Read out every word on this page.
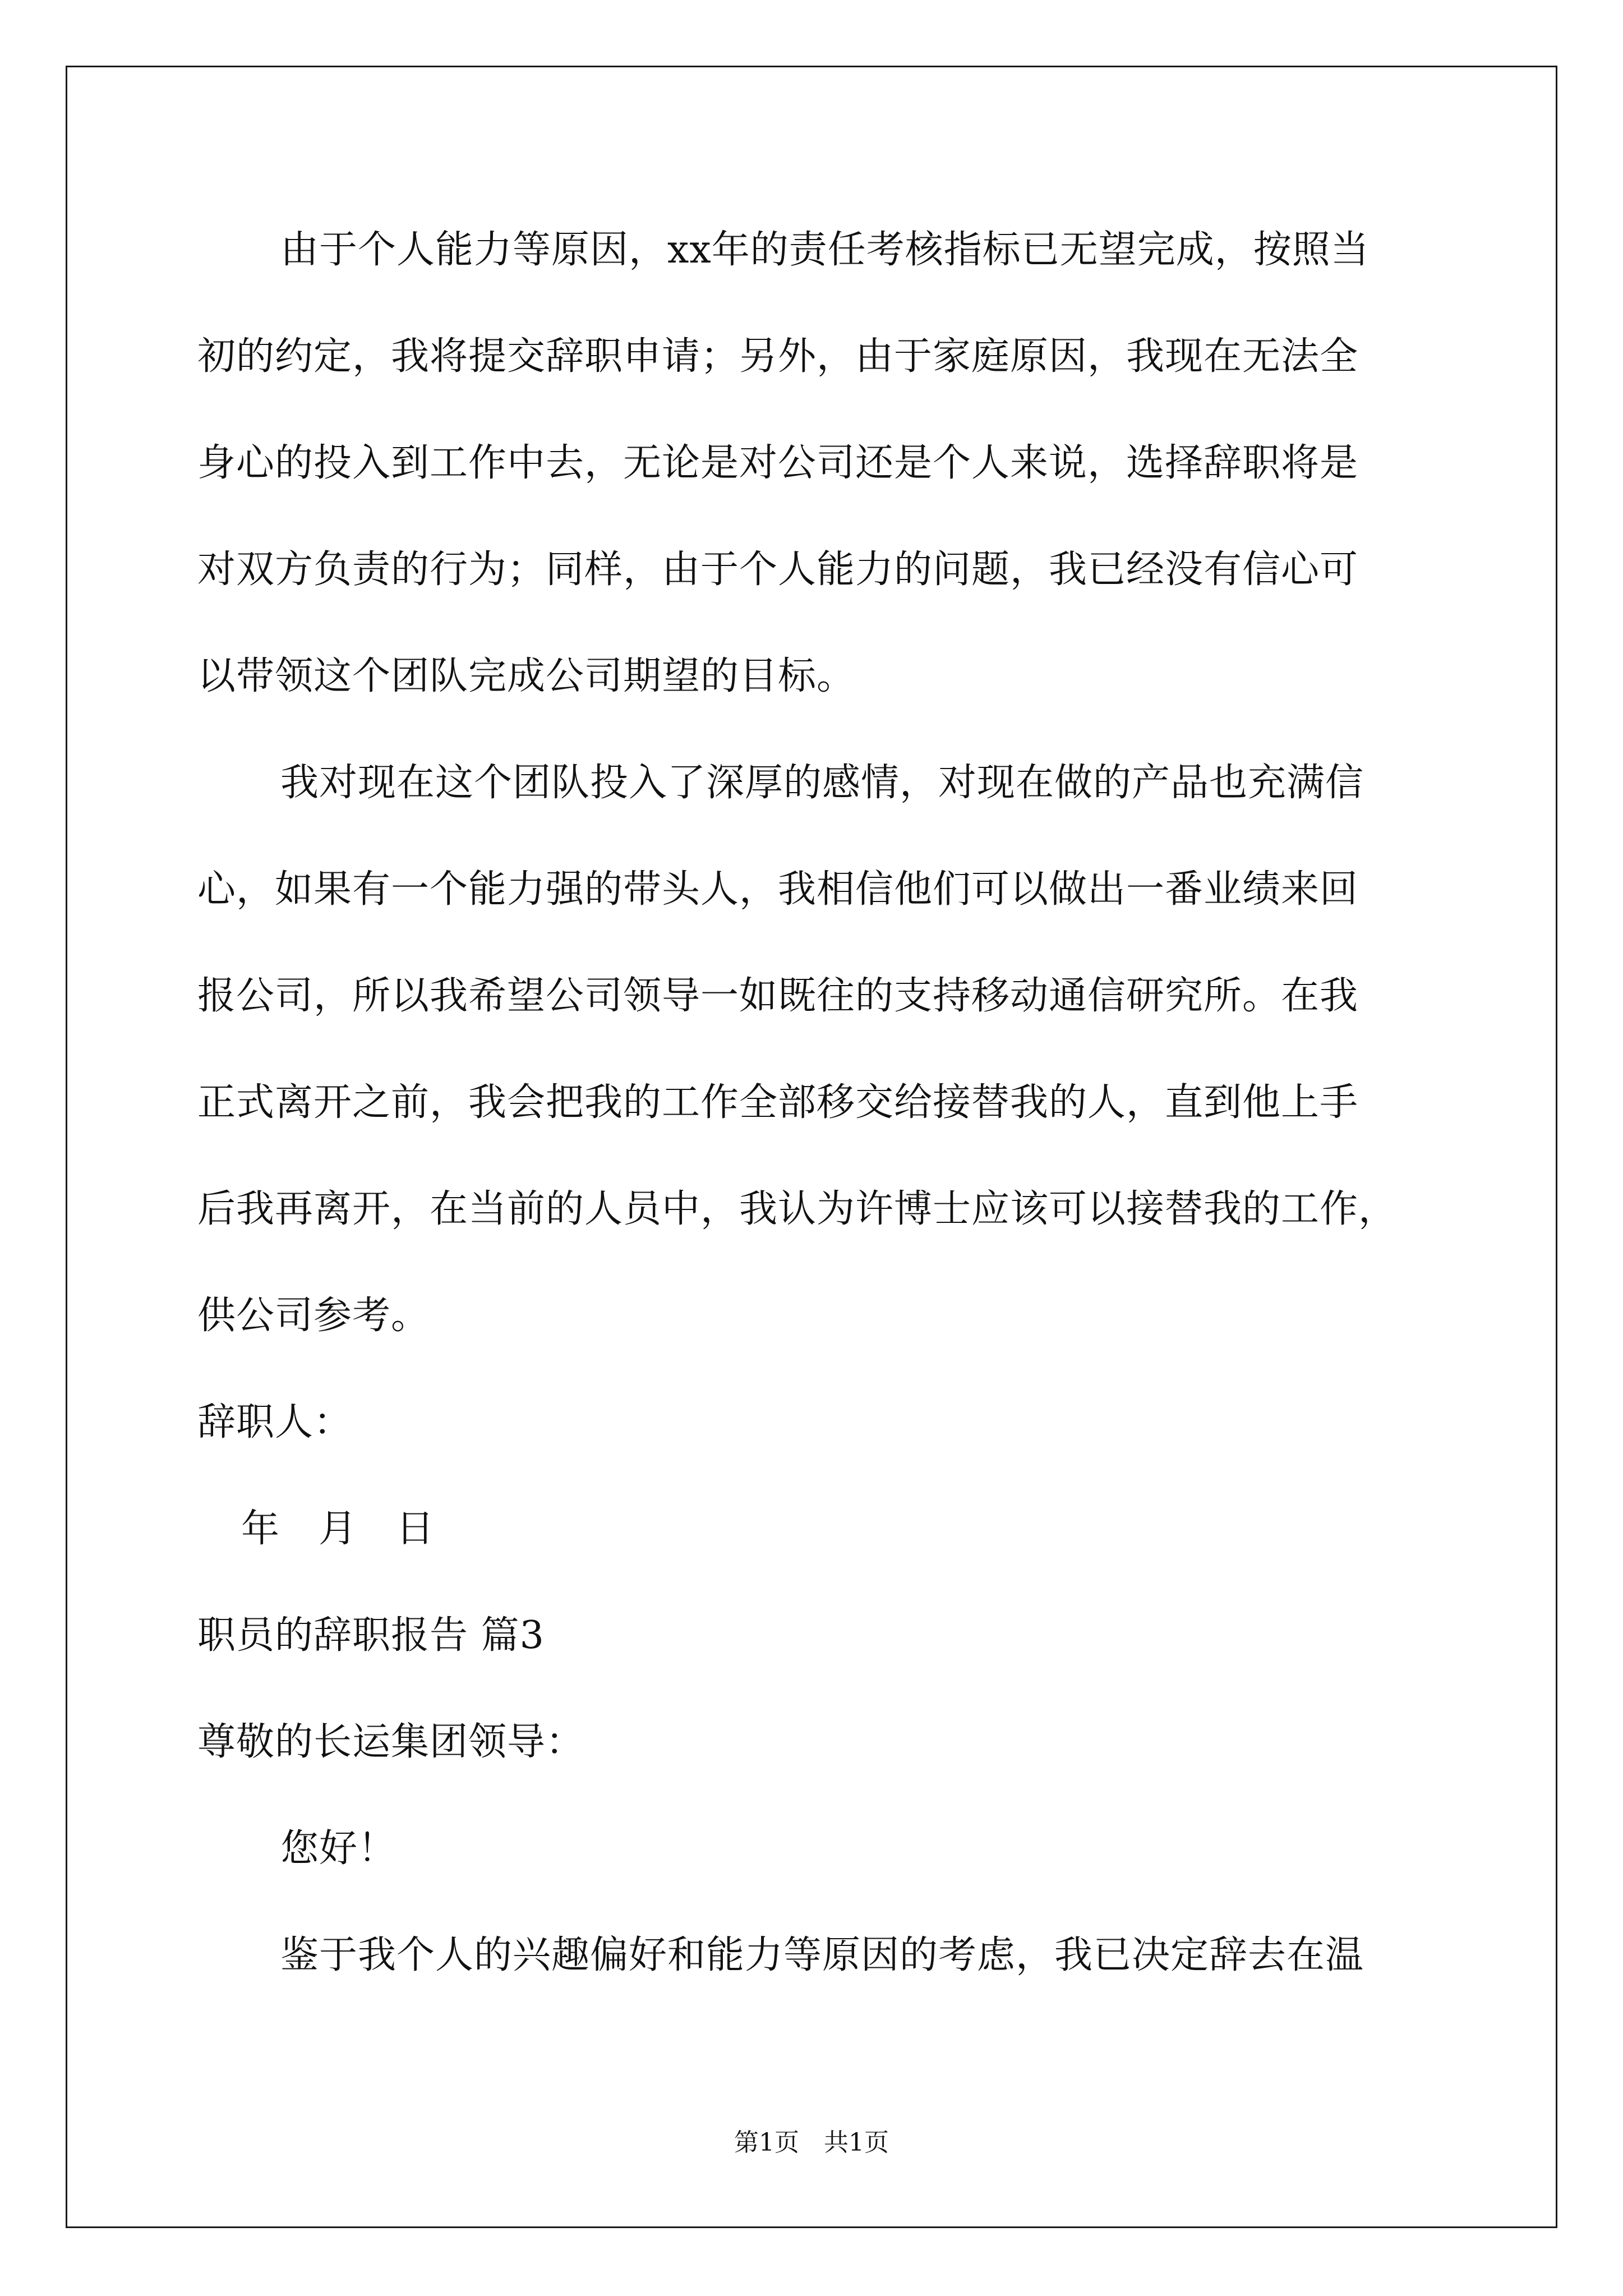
由于个人能力等原因，xx年的责任考核指标已无望完成，按照当
初的约定，我将提交辞职申请；另外，由于家庭原因，我现在无法全
身心的投入到工作中去，无论是对公司还是个人来说，选择辞职将是
对双方负责的行为；同样，由于个人能力的问题，我已经没有信心可
以带领这个团队完成公司期望的目标。
我对现在这个团队投入了深厚的感情，对现在做的产品也充满信
心，如果有一个能力强的带头人，我相信他们可以做出一番业绩来回
报公司，所以我希望公司领导一如既往的支持移动通信研究所。在我
正式离开之前，我会把我的工作全部移交给接替我的人，直到他上手
后我再离开，在当前的人员中，我认为许博士应该可以接替我的工作，
供公司参考。
辞职人：
年　月　日
职员的辞职报告 篇3
尊敬的长运集团领导：
您好！
鉴于我个人的兴趣偏好和能力等原因的考虑，我已决定辞去在温
第1页　共1页
